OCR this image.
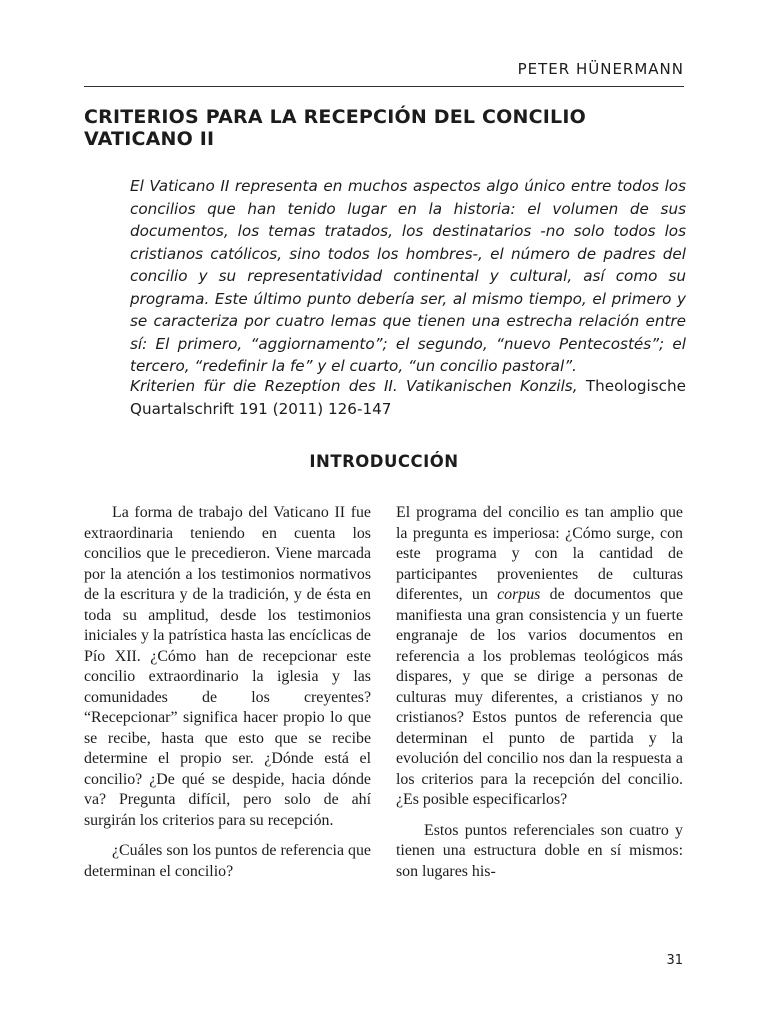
PETER HÜNERMANN
CRITERIOS PARA LA RECEPCIÓN DEL CONCILIO VATICANO II

El Vaticano II representa en muchos aspectos algo único entre todos los concilios que han tenido lugar en la historia: el volumen de sus documentos, los temas tratados, los destinatarios -no solo todos los cristianos católicos, sino todos los hombres-, el número de padres del concilio y su representatividad continental y cultural, así como su programa. Este último punto debería ser, al mismo tiempo, el primero y se caracteriza por cuatro lemas que tienen una estrecha relación entre sí: El primero, “aggiornamento”; el segundo, “nuevo Pentecostés”; el tercero, “redefinir la fe” y el cuarto, “un concilio pastoral”.

Kriterien für die Rezeption des II. Vatikanischen Konzils, Theologische Quartalschrift 191 (2011) 126-147

INTRODUCCIÓN

La forma de trabajo del Vaticano II fue extraordinaria teniendo en cuenta los concilios que le precedieron. Viene marcada por la atención a los testimonios normativos de la escritura y de la tradición, y de ésta en toda su amplitud, desde los testimonios iniciales y la patrística hasta las encíclicas de Pío XII. ¿Cómo han de recepcionar este concilio extraordinario la iglesia y las comunidades de los creyentes? “Recepcionar” significa hacer propio lo que se recibe, hasta que esto que se recibe determine el propio ser. ¿Dónde está el concilio? ¿De qué se despide, hacia dónde va? Pregunta difícil, pero solo de ahí surgirán los criterios para su recepción.

¿Cuáles son los puntos de referencia que determinan el concilio?

El programa del concilio es tan amplio que la pregunta es imperiosa: ¿Cómo surge, con este programa y con la cantidad de participantes provenientes de culturas diferentes, un corpus de documentos que manifiesta una gran consistencia y un fuerte engranaje de los varios documentos en referencia a los problemas teológicos más dispares, y que se dirige a personas de culturas muy diferentes, a cristianos y no cristianos? Estos puntos de referencia que determinan el punto de partida y la evolución del concilio nos dan la respuesta a los criterios para la recepción del concilio. ¿Es posible especificarlos?

Estos puntos referenciales son cuatro y tienen una estructura doble en sí mismos: son lugares his-

31
